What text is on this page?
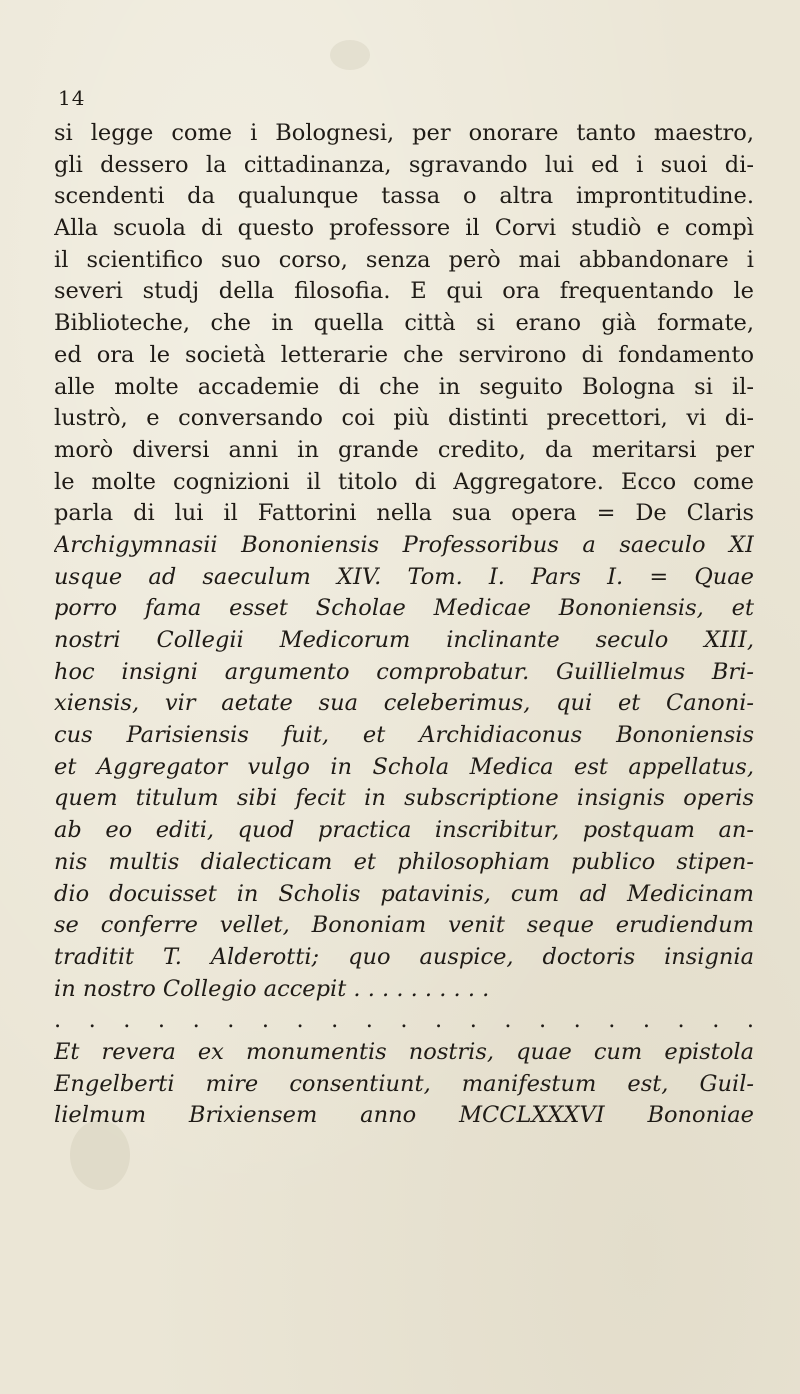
14
si legge come i Bolognesi, per onorare tanto maestro,
gli dessero la cittadinanza, sgravando lui ed i suoi di-
scendenti da qualunque tassa o altra improntitudine.
Alla scuola di questo professore il Corvi studiò e compì
il scientifico suo corso, senza però mai abbandonare i
severi studj della filosofia. E qui ora frequentando le
Biblioteche, che in quella città si erano già formate,
ed ora le società letterarie che servirono di fondamento
alle molte accademie di che in seguito Bologna si il-
lustrò, e conversando coi più distinti precettori, vi di-
morò diversi anni in grande credito, da meritarsi per
le molte cognizioni il titolo di Aggregatore. Ecco come
parla di lui il Fattorini nella sua opera = De Claris
Archigymnasii Bononiensis Professoribus a saeculo XI
usque ad saeculum XIV. Tom. I. Pars I. = Quae
porro fama esset Scholae Medicae Bononiensis, et
nostri Collegii Medicorum inclinante seculo XIII,
hoc insigni argumento comprobatur. Guillielmus Bri-
xiensis, vir aetate sua celeberimus, qui et Canoni-
cus Parisiensis fuit, et Archidiaconus Bononiensis
et Aggregator vulgo in Schola Medica est appellatus,
quem titulum sibi fecit in subscriptione insignis operis
ab eo editi, quod practica inscribitur, postquam an-
nis multis dialecticam et philosophiam publico stipen-
dio docuisset in Scholis patavinis, cum ad Medicinam
se conferre vellet, Bononiam venit seque erudiendum
traditit T. Alderotti; quo auspice, doctoris insignia
in nostro Collegio accepit . . . . . . . . . .
. . . . . . . . . . . . . . . . . . . . .
Et revera ex monumentis nostris, quae cum epistola
Engelberti mire consentiunt, manifestum est, Guil-
lielmum Brixiensem anno MCCLXXXVI Bononiae
